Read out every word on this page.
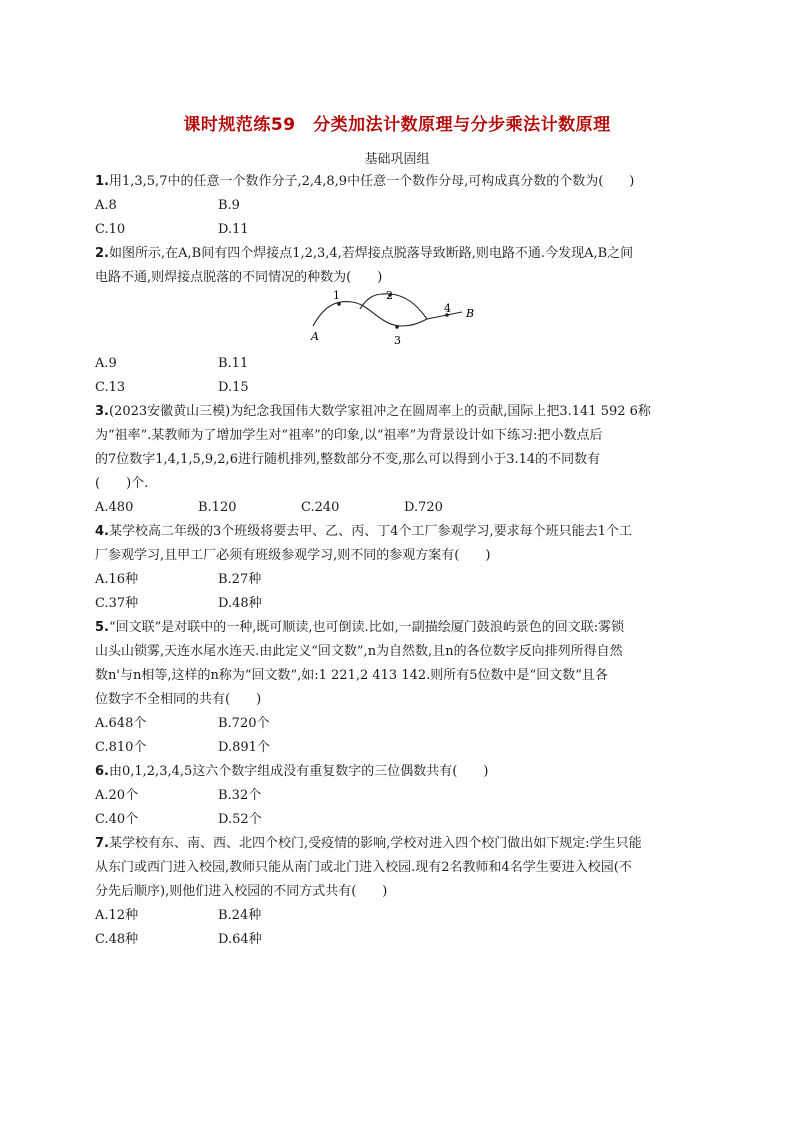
课时规范练59　分类加法计数原理与分步乘法计数原理
基础巩固组

1.用1,3,5,7中的任意一个数作分子,2,4,8,9中任意一个数作分母,可构成真分数的个数为(　　)

A.8	B.9
C.10	D.11

2.如图所示,在A,B间有四个焊接点1,2,3,4,若焊接点脱落导致断路,则电路不通.今发现A,B之间

电路不通,则焊接点脱落的不同情况的种数为(　　)

1	2
3
4
A
B
A.9	B.11
C.13	D.15

3.(2023安徽黄山三模)为纪念我国伟大数学家祖冲之在圆周率上的贡献,国际上把3.141 592 6称

为“祖率”.某教师为了增加学生对“祖率”的印象,以“祖率”为背景设计如下练习:把小数点后

的7位数字1,4,1,5,9,2,6进行随机排列,整数部分不变,那么可以得到小于3.14的不同数有

(　　)个.

A.480	B.120	C.240	D.720

4.某学校高二年级的3个班级将要去甲、乙、丙、丁4个工厂参观学习,要求每个班只能去1个工

厂参观学习,且甲工厂必须有班级参观学习,则不同的参观方案有(　　)

A.16种	B.27种
C.37种	D.48种

5.“回文联”是对联中的一种,既可顺读,也可倒读.比如,一副描绘厦门鼓浪屿景色的回文联:雾锁

山头山锁雾,天连水尾水连天.由此定义“回文数”,n为自然数,且n的各位数字反向排列所得自然

数n'与n相等,这样的n称为“回文数”,如:1 221,2 413 142.则所有5位数中是“回文数”且各

位数字不全相同的共有(　　)

A.648个	B.720个
C.810个	D.891个

6.由0,1,2,3,4,5这六个数字组成没有重复数字的三位偶数共有(　　)

A.20个	B.32个
C.40个	D.52个

7.某学校有东、南、西、北四个校门,受疫情的影响,学校对进入四个校门做出如下规定:学生只能

从东门或西门进入校园,教师只能从南门或北门进入校园.现有2名教师和4名学生要进入校园(不

分先后顺序),则他们进入校园的不同方式共有(　　)

A.12种	B.24种
C.48种	D.64种
